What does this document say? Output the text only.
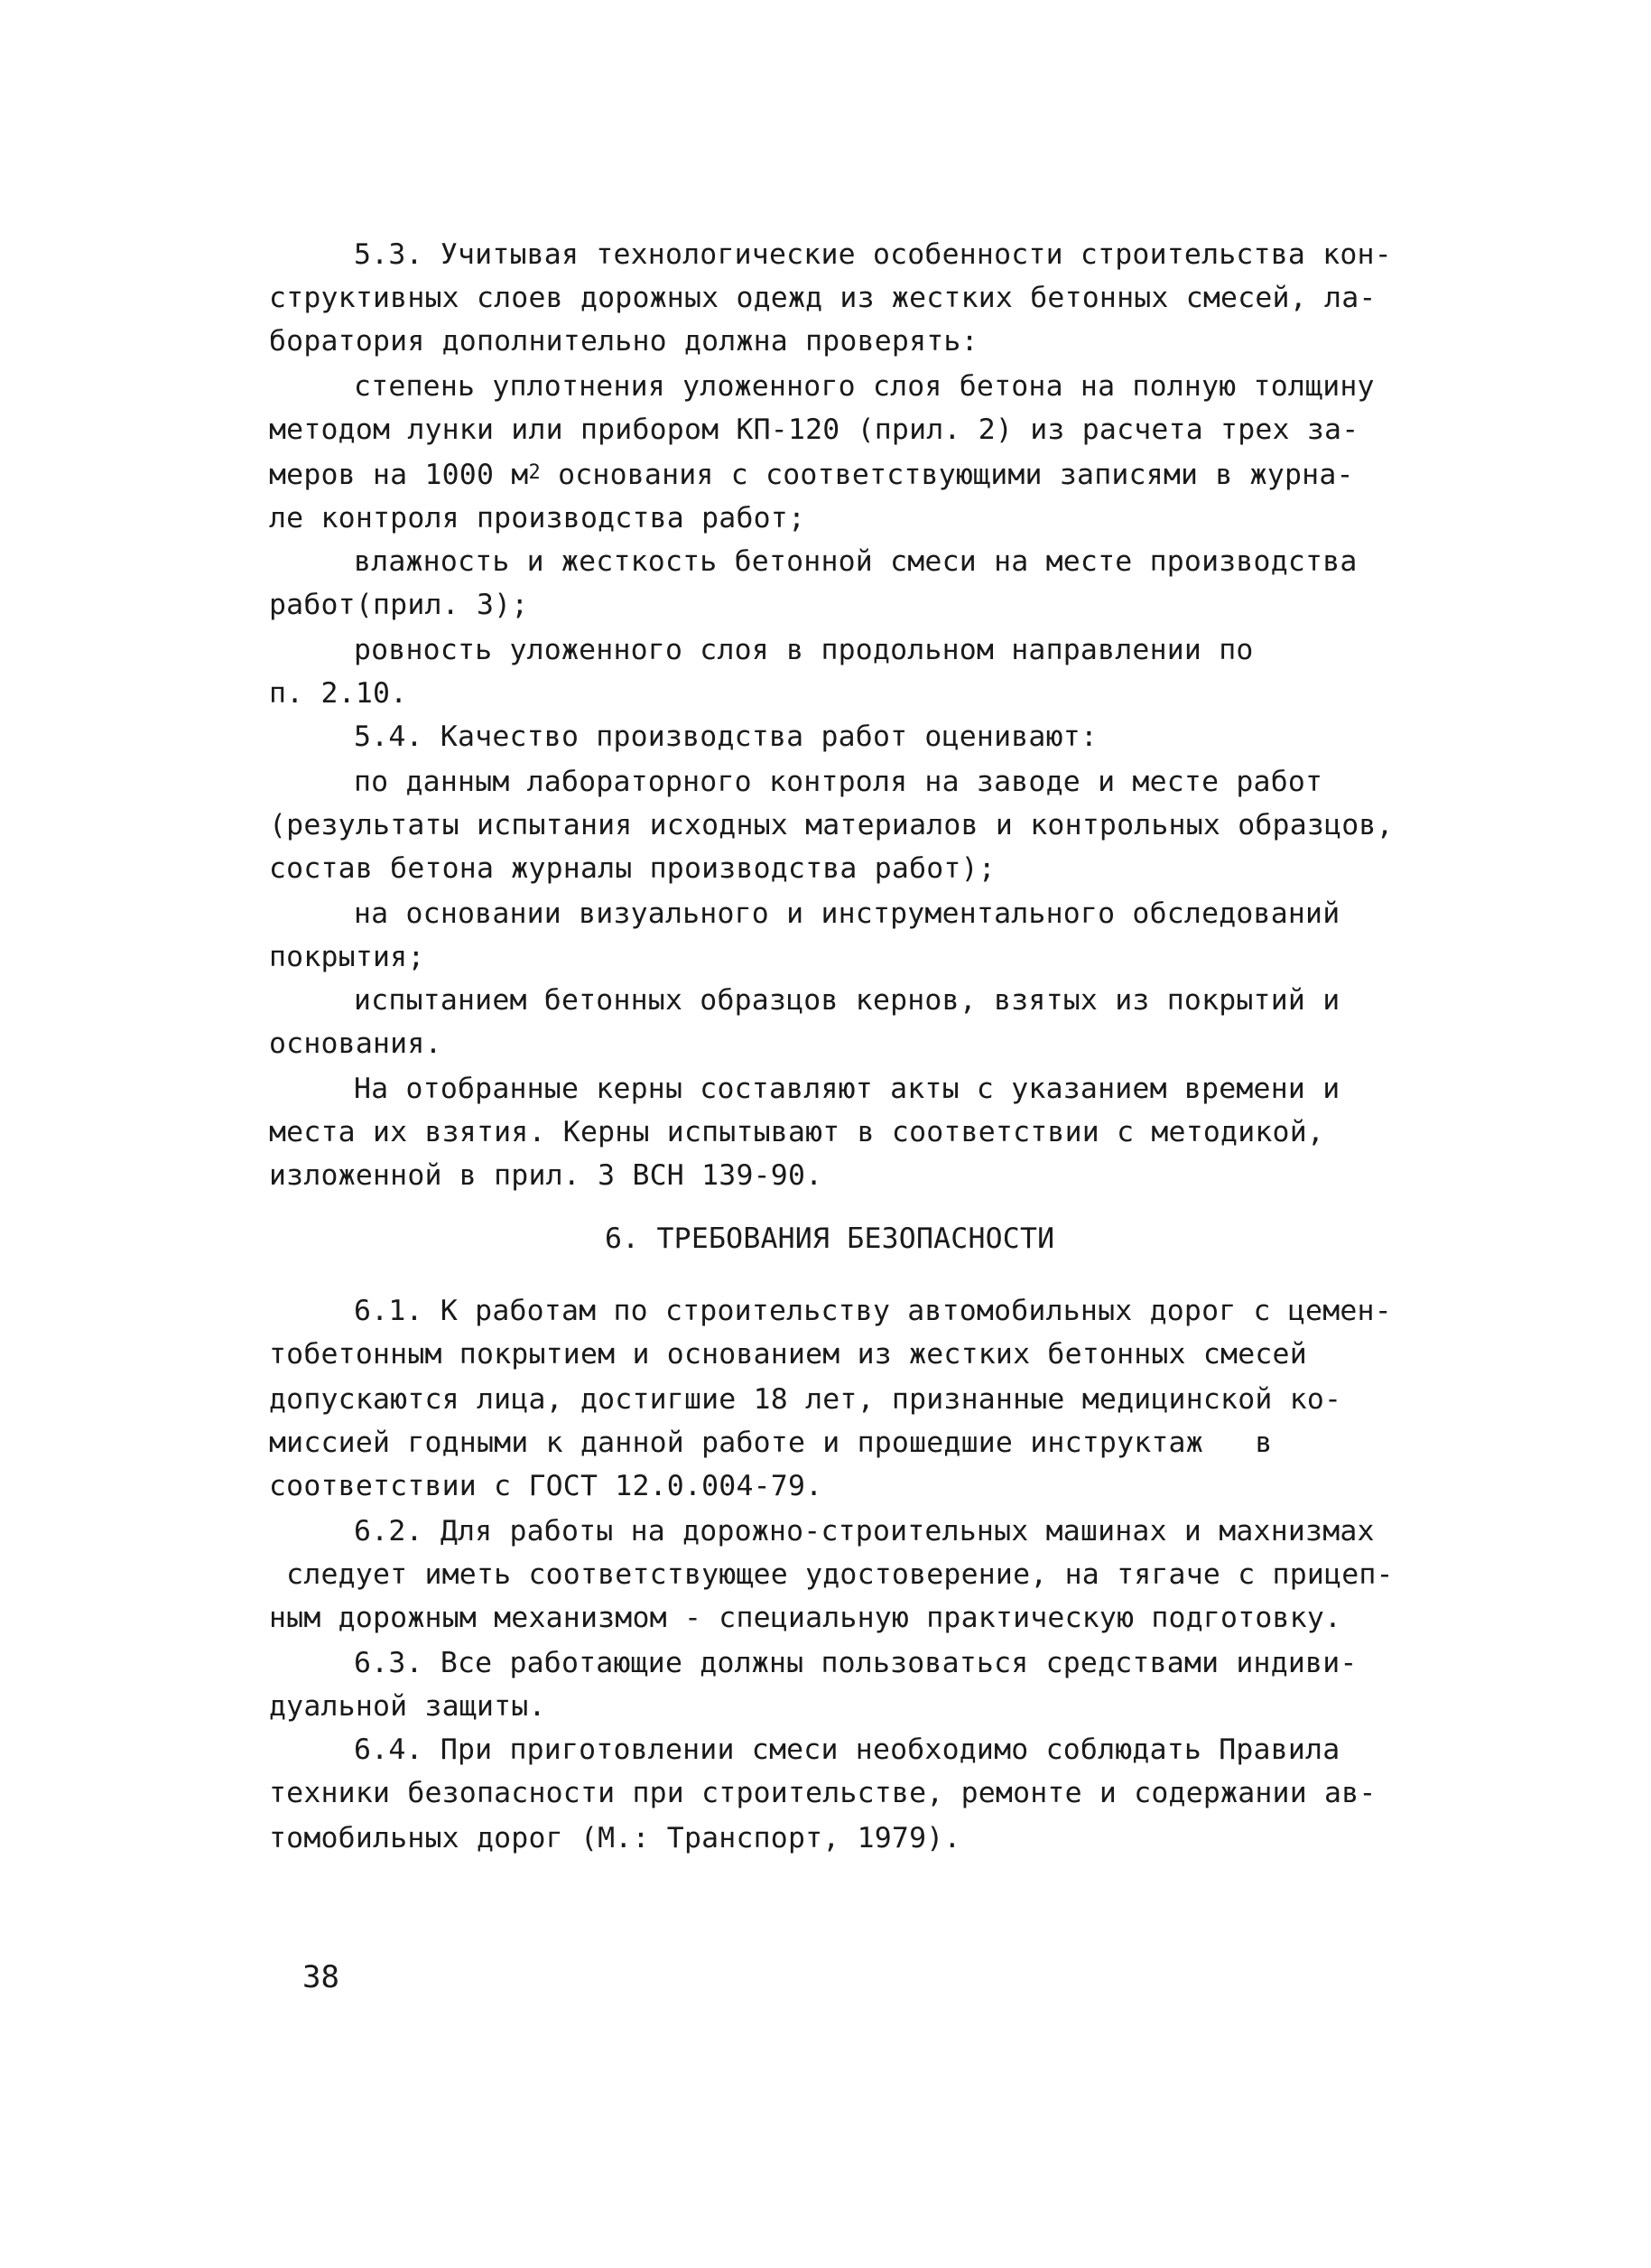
5.3. Учитывая технологические особенности строительства кон-
структивных слоев дорожных одежд из жестких бетонных смесей, ла-
боратория дополнительно должна проверять:
степень уплотнения уложенного слоя бетона на полную толщину
методом лунки или прибором КП-120 (прил. 2) из расчета трех за-
меров на 1000 $м^2$ основания с соответствующими записями в журна-
ле контроля производства работ;
влажность и жесткость бетонной смеси на месте производства
работ(прил. 3);
ровность уложенного слоя в продольном направлении по
п. 2.10.
5.4. Качество производства работ оценивают:
по данным лабораторного контроля на заводе и месте работ
(результаты испытания исходных материалов и контрольных образцов,
состав бетона журналы производства работ);
на основании визуального и инструментального обследований
покрытия;
испытанием бетонных образцов кернов, взятых из покрытий и
основания.
На отобранные керны составляют акты с указанием времени и
места их взятия. Керны испытывают в соответствии с методикой,
изложенной в прил. 3 ВСН 139-90.
6. ТРЕБОВАНИЯ БЕЗОПАСНОСТИ
6.1. К работам по строительству автомобильных дорог с цемен-
тобетонным покрытием и основанием из жестких бетонных смесей
допускаются лица, достигшие 18 лет, признанные медицинской ко-
миссией годными к данной работе и прошедшие инструктаж   в
соответствии с ГОСТ 12.0.004-79.
6.2. Для работы на дорожно-строительных машинах и махнизмах
следует иметь соответствующее удостоверение, на тягаче с прицеп-
ным дорожным механизмом - специальную практическую подготовку.
6.3. Все работающие должны пользоваться средствами индиви-
дуальной защиты.
6.4. При приготовлении смеси необходимо соблюдать Правила
техники безопасности при строительстве, ремонте и содержании ав-
томобильных дорог (М.: Транспорт, 1979).
38
